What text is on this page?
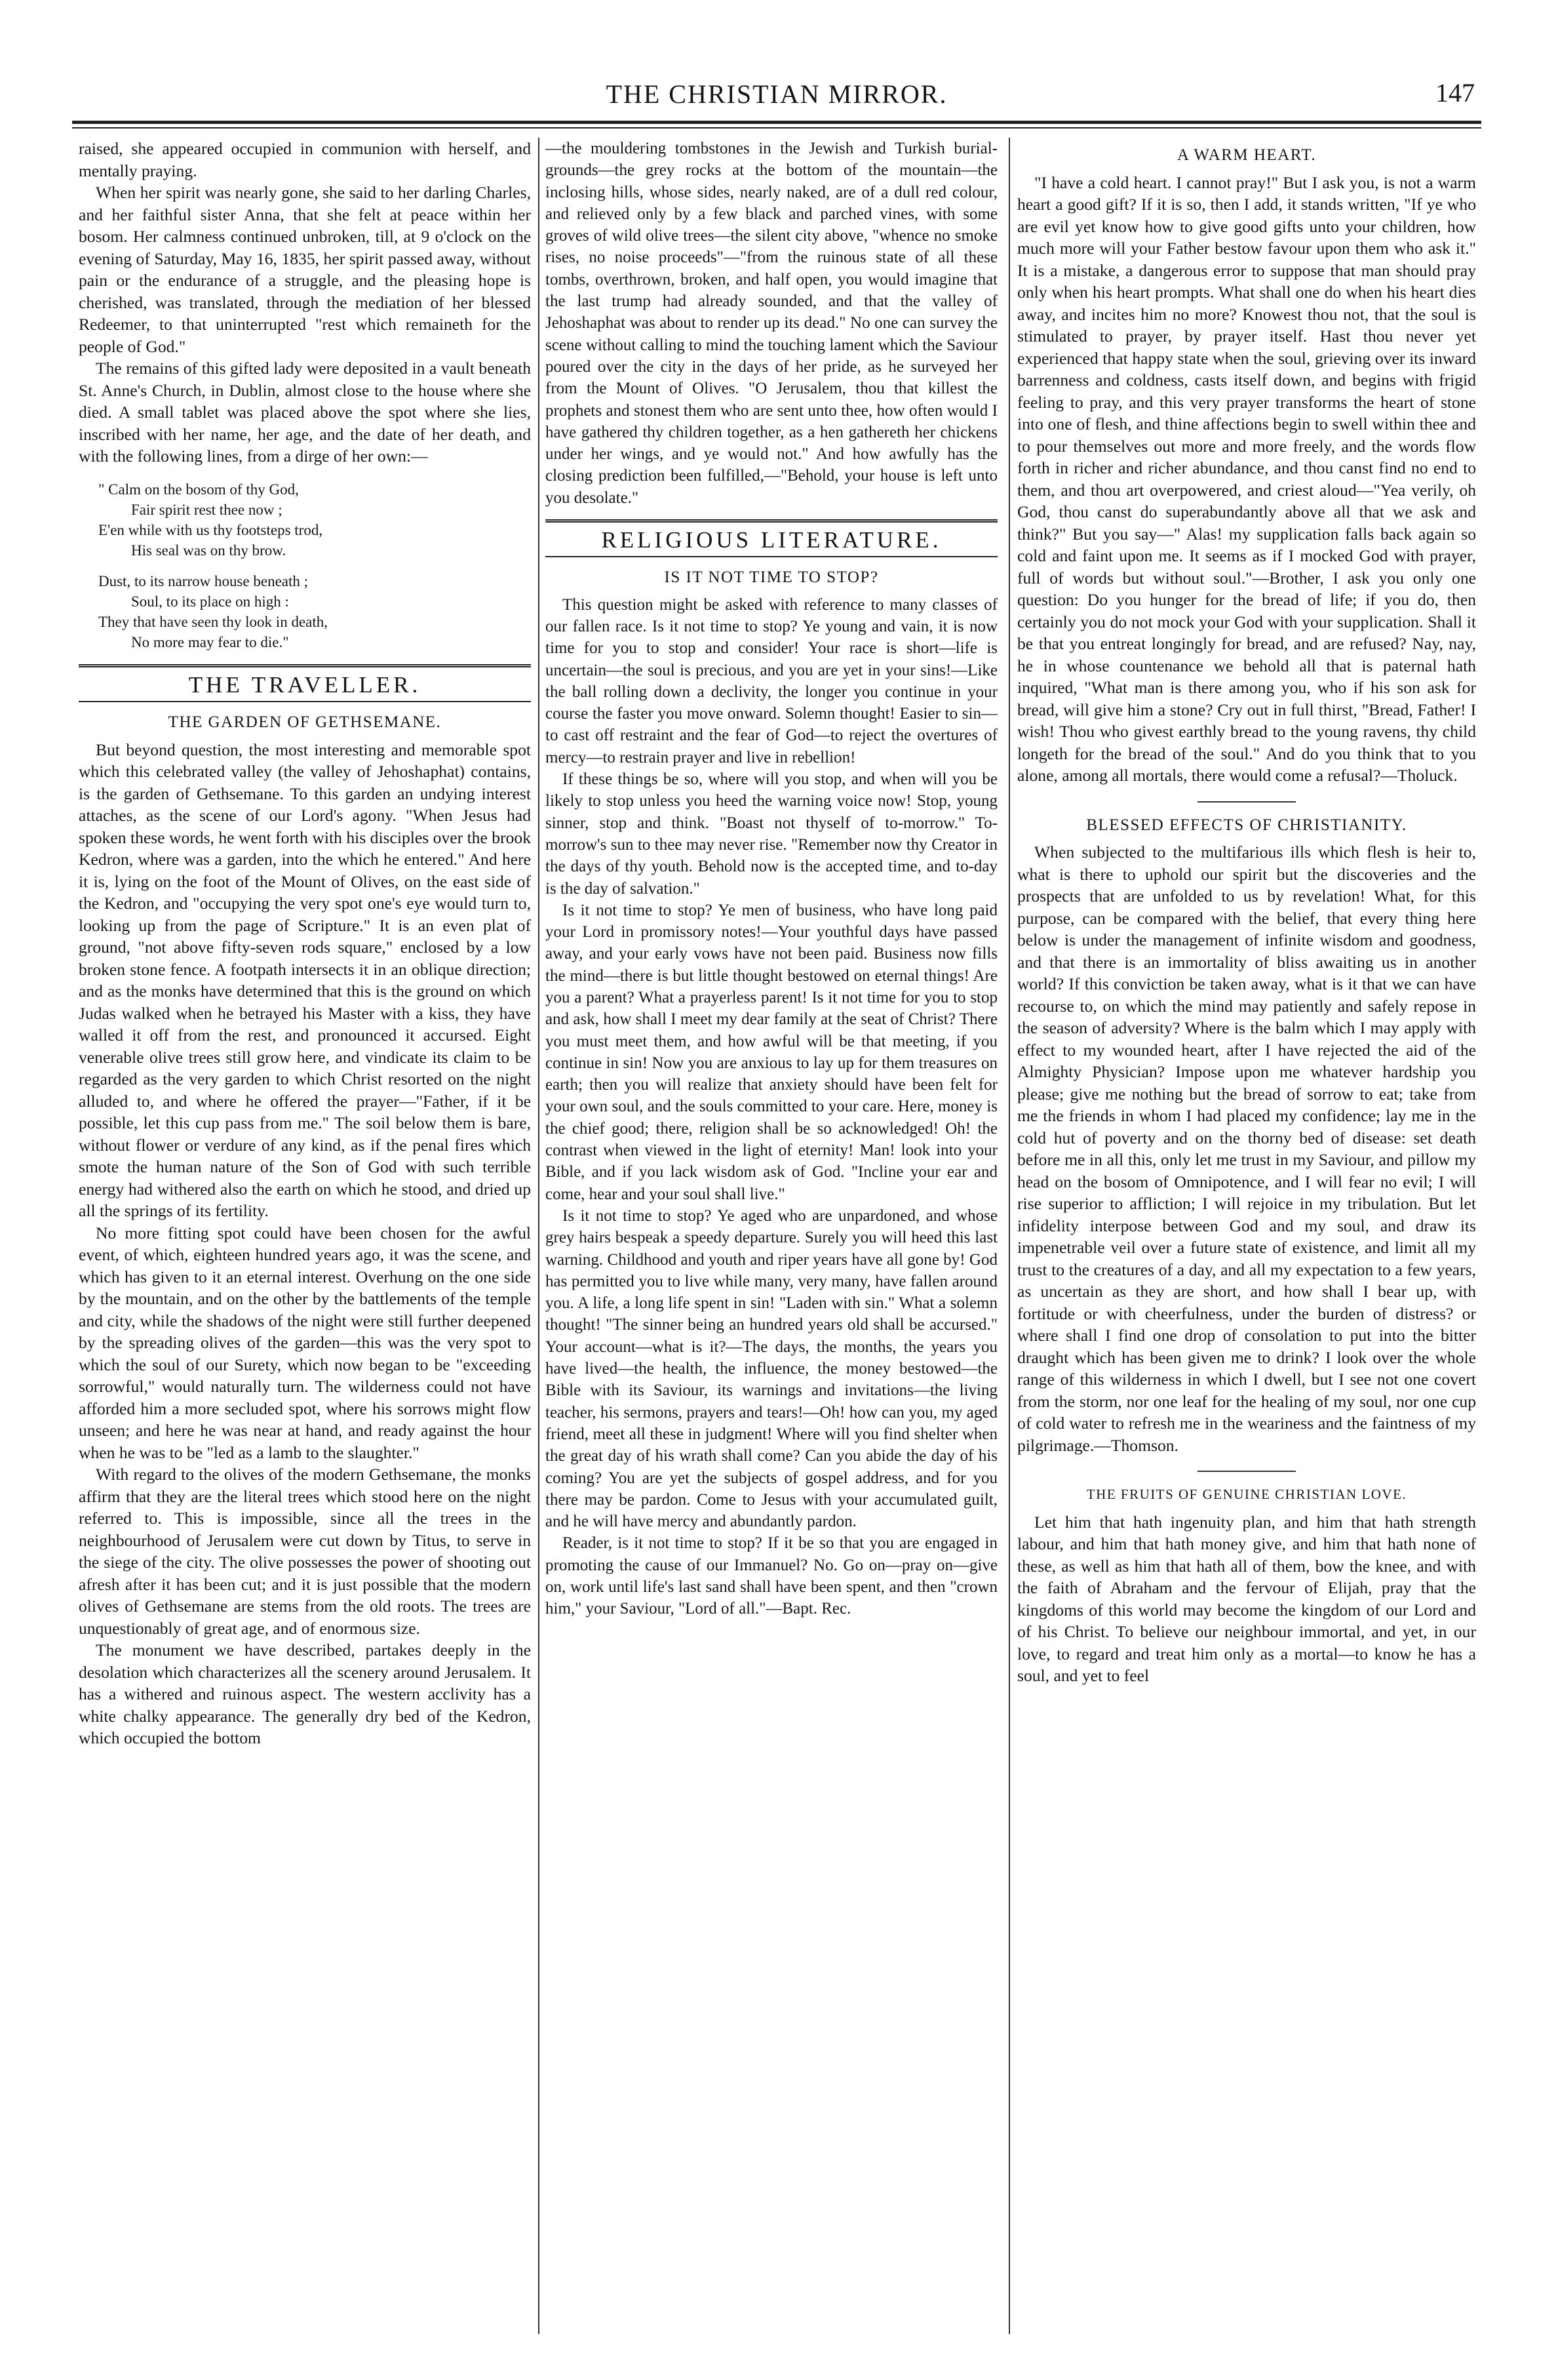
THE CHRISTIAN MIRROR.	147

raised, she appeared occupied in communion with herself, and mentally praying.

When her spirit was nearly gone, she said to her darling Charles, and her faithful sister Anna, that she felt at peace within her bosom. Her calmness continued unbroken, till, at 9 o'clock on the evening of Saturday, May 16, 1835, her spirit passed away, without pain or the endurance of a struggle, and the pleasing hope is cherished, was translated, through the mediation of her blessed Redeemer, to that uninterrupted "rest which remaineth for the people of God."

The remains of this gifted lady were deposited in a vault beneath St. Anne's Church, in Dublin, almost close to the house where she died. A small tablet was placed above the spot where she lies, inscribed with her name, her age, and the date of her death, and with the following lines, from a dirge of her own:—

" Calm on the bosom of thy God,
Fair spirit rest thee now ;
E'en while with us thy footsteps trod,
His seal was on thy brow.
Dust, to its narrow house beneath ;
Soul, to its place on high :
They that have seen thy look in death,
No more may fear to die."
THE TRAVELLER.
THE GARDEN OF GETHSEMANE.

But beyond question, the most interesting and memorable spot which this celebrated valley (the valley of Jehoshaphat) contains, is the garden of Gethsemane. To this garden an undying interest attaches, as the scene of our Lord's agony. "When Jesus had spoken these words, he went forth with his disciples over the brook Kedron, where was a garden, into the which he entered." And here it is, lying on the foot of the Mount of Olives, on the east side of the Kedron, and "occupying the very spot one's eye would turn to, looking up from the page of Scripture." It is an even plat of ground, "not above fifty-seven rods square," enclosed by a low broken stone fence. A footpath intersects it in an oblique direction; and as the monks have determined that this is the ground on which Judas walked when he betrayed his Master with a kiss, they have walled it off from the rest, and pronounced it accursed. Eight venerable olive trees still grow here, and vindicate its claim to be regarded as the very garden to which Christ resorted on the night alluded to, and where he offered the prayer—"Father, if it be possible, let this cup pass from me." The soil below them is bare, without flower or verdure of any kind, as if the penal fires which smote the human nature of the Son of God with such terrible energy had withered also the earth on which he stood, and dried up all the springs of its fertility.

No more fitting spot could have been chosen for the awful event, of which, eighteen hundred years ago, it was the scene, and which has given to it an eternal interest. Overhung on the one side by the mountain, and on the other by the battlements of the temple and city, while the shadows of the night were still further deepened by the spreading olives of the garden—this was the very spot to which the soul of our Surety, which now began to be "exceeding sorrowful," would naturally turn. The wilderness could not have afforded him a more secluded spot, where his sorrows might flow unseen; and here he was near at hand, and ready against the hour when he was to be "led as a lamb to the slaughter."

With regard to the olives of the modern Gethsemane, the monks affirm that they are the literal trees which stood here on the night referred to. This is impossible, since all the trees in the neighbourhood of Jerusalem were cut down by Titus, to serve in the siege of the city. The olive possesses the power of shooting out afresh after it has been cut; and it is just possible that the modern olives of Gethsemane are stems from the old roots. The trees are unquestionably of great age, and of enormous size.

The monument we have described, partakes deeply in the desolation which characterizes all the scenery around Jerusalem. It has a withered and ruinous aspect. The western acclivity has a white chalky appearance. The generally dry bed of the Kedron, which occupied the bottom

—the mouldering tombstones in the Jewish and Turkish burial-grounds—the grey rocks at the bottom of the mountain—the inclosing hills, whose sides, nearly naked, are of a dull red colour, and relieved only by a few black and parched vines, with some groves of wild olive trees—the silent city above, "whence no smoke rises, no noise proceeds"—"from the ruinous state of all these tombs, overthrown, broken, and half open, you would imagine that the last trump had already sounded, and that the valley of Jehoshaphat was about to render up its dead." No one can survey the scene without calling to mind the touching lament which the Saviour poured over the city in the days of her pride, as he surveyed her from the Mount of Olives. "O Jerusalem, thou that killest the prophets and stonest them who are sent unto thee, how often would I have gathered thy children together, as a hen gathereth her chickens under her wings, and ye would not." And how awfully has the closing prediction been fulfilled,—"Behold, your house is left unto you desolate."

RELIGIOUS LITERATURE.
IS IT NOT TIME TO STOP?

This question might be asked with reference to many classes of our fallen race. Is it not time to stop? Ye young and vain, it is now time for you to stop and consider! Your race is short—life is uncertain—the soul is precious, and you are yet in your sins!—Like the ball rolling down a declivity, the longer you continue in your course the faster you move onward. Solemn thought! Easier to sin—to cast off restraint and the fear of God—to reject the overtures of mercy—to restrain prayer and live in rebellion!

If these things be so, where will you stop, and when will you be likely to stop unless you heed the warning voice now! Stop, young sinner, stop and think. "Boast not thyself of to-morrow." To-morrow's sun to thee may never rise. "Remember now thy Creator in the days of thy youth. Behold now is the accepted time, and to-day is the day of salvation."

Is it not time to stop? Ye men of business, who have long paid your Lord in promissory notes!—Your youthful days have passed away, and your early vows have not been paid. Business now fills the mind—there is but little thought bestowed on eternal things! Are you a parent? What a prayerless parent! Is it not time for you to stop and ask, how shall I meet my dear family at the seat of Christ? There you must meet them, and how awful will be that meeting, if you continue in sin! Now you are anxious to lay up for them treasures on earth; then you will realize that anxiety should have been felt for your own soul, and the souls committed to your care. Here, money is the chief good; there, religion shall be so acknowledged! Oh! the contrast when viewed in the light of eternity! Man! look into your Bible, and if you lack wisdom ask of God. "Incline your ear and come, hear and your soul shall live."

Is it not time to stop? Ye aged who are unpardoned, and whose grey hairs bespeak a speedy departure. Surely you will heed this last warning. Childhood and youth and riper years have all gone by! God has permitted you to live while many, very many, have fallen around you. A life, a long life spent in sin! "Laden with sin." What a solemn thought! "The sinner being an hundred years old shall be accursed." Your account—what is it?—The days, the months, the years you have lived—the health, the influence, the money bestowed—the Bible with its Saviour, its warnings and invitations—the living teacher, his sermons, prayers and tears!—Oh! how can you, my aged friend, meet all these in judgment! Where will you find shelter when the great day of his wrath shall come? Can you abide the day of his coming? You are yet the subjects of gospel address, and for you there may be pardon. Come to Jesus with your accumulated guilt, and he will have mercy and abundantly pardon.

Reader, is it not time to stop? If it be so that you are engaged in promoting the cause of our Immanuel? No. Go on—pray on—give on, work until life's last sand shall have been spent, and then "crown him," your Saviour, "Lord of all."—Bapt. Rec.

A WARM HEART.

"I have a cold heart. I cannot pray!" But I ask you, is not a warm heart a good gift? If it is so, then I add, it stands written, "If ye who are evil yet know how to give good gifts unto your children, how much more will your Father bestow favour upon them who ask it." It is a mistake, a dangerous error to suppose that man should pray only when his heart prompts. What shall one do when his heart dies away, and incites him no more? Knowest thou not, that the soul is stimulated to prayer, by prayer itself. Hast thou never yet experienced that happy state when the soul, grieving over its inward barrenness and coldness, casts itself down, and begins with frigid feeling to pray, and this very prayer transforms the heart of stone into one of flesh, and thine affections begin to swell within thee and to pour themselves out more and more freely, and the words flow forth in richer and richer abundance, and thou canst find no end to them, and thou art overpowered, and criest aloud—"Yea verily, oh God, thou canst do superabundantly above all that we ask and think?" But you say—" Alas! my supplication falls back again so cold and faint upon me. It seems as if I mocked God with prayer, full of words but without soul."—Brother, I ask you only one question: Do you hunger for the bread of life; if you do, then certainly you do not mock your God with your supplication. Shall it be that you entreat longingly for bread, and are refused? Nay, nay, he in whose countenance we behold all that is paternal hath inquired, "What man is there among you, who if his son ask for bread, will give him a stone? Cry out in full thirst, "Bread, Father! I wish! Thou who givest earthly bread to the young ravens, thy child longeth for the bread of the soul." And do you think that to you alone, among all mortals, there would come a refusal?—Tholuck.

BLESSED EFFECTS OF CHRISTIANITY.

When subjected to the multifarious ills which flesh is heir to, what is there to uphold our spirit but the discoveries and the prospects that are unfolded to us by revelation! What, for this purpose, can be compared with the belief, that every thing here below is under the management of infinite wisdom and goodness, and that there is an immortality of bliss awaiting us in another world? If this conviction be taken away, what is it that we can have recourse to, on which the mind may patiently and safely repose in the season of adversity? Where is the balm which I may apply with effect to my wounded heart, after I have rejected the aid of the Almighty Physician? Impose upon me whatever hardship you please; give me nothing but the bread of sorrow to eat; take from me the friends in whom I had placed my confidence; lay me in the cold hut of poverty and on the thorny bed of disease: set death before me in all this, only let me trust in my Saviour, and pillow my head on the bosom of Omnipotence, and I will fear no evil; I will rise superior to affliction; I will rejoice in my tribulation. But let infidelity interpose between God and my soul, and draw its impenetrable veil over a future state of existence, and limit all my trust to the creatures of a day, and all my expectation to a few years, as uncertain as they are short, and how shall I bear up, with fortitude or with cheerfulness, under the burden of distress? or where shall I find one drop of consolation to put into the bitter draught which has been given me to drink? I look over the whole range of this wilderness in which I dwell, but I see not one covert from the storm, nor one leaf for the healing of my soul, nor one cup of cold water to refresh me in the weariness and the faintness of my pilgrimage.—Thomson.

THE FRUITS OF GENUINE CHRISTIAN LOVE.

Let him that hath ingenuity plan, and him that hath strength labour, and him that hath money give, and him that hath none of these, as well as him that hath all of them, bow the knee, and with the faith of Abraham and the fervour of Elijah, pray that the kingdoms of this world may become the kingdom of our Lord and of his Christ. To believe our neighbour immortal, and yet, in our love, to regard and treat him only as a mortal—to know he has a soul, and yet to feel
